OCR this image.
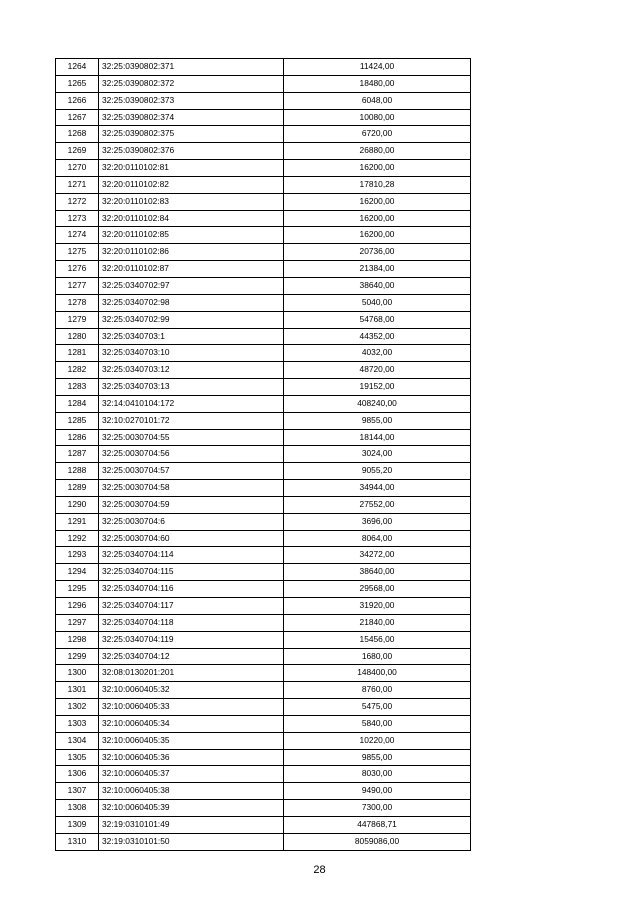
1264	32:25:0390802:371	11424,00
1265	32:25:0390802:372	18480,00
1266	32:25:0390802:373	6048,00
1267	32:25:0390802:374	10080,00
1268	32:25:0390802:375	6720,00
1269	32:25:0390802:376	26880,00
1270	32:20:0110102:81	16200,00
1271	32:20:0110102:82	17810,28
1272	32:20:0110102:83	16200,00
1273	32:20:0110102:84	16200,00
1274	32:20:0110102:85	16200,00
1275	32:20:0110102:86	20736,00
1276	32:20:0110102:87	21384,00
1277	32:25:0340702:97	38640,00
1278	32:25:0340702:98	5040,00
1279	32:25:0340702:99	54768,00
1280	32:25:0340703:1	44352,00
1281	32:25:0340703:10	4032,00
1282	32:25:0340703:12	48720,00
1283	32:25:0340703:13	19152,00
1284	32:14:0410104:172	408240,00
1285	32:10:0270101:72	9855,00
1286	32:25:0030704:55	18144,00
1287	32:25:0030704:56	3024,00
1288	32:25:0030704:57	9055,20
1289	32:25:0030704:58	34944,00
1290	32:25:0030704:59	27552,00
1291	32:25:0030704:6	3696,00
1292	32:25:0030704:60	8064,00
1293	32:25:0340704:114	34272,00
1294	32:25:0340704:115	38640,00
1295	32:25:0340704:116	29568,00
1296	32:25:0340704:117	31920,00
1297	32:25:0340704:118	21840,00
1298	32:25:0340704:119	15456,00
1299	32:25:0340704:12	1680,00
1300	32:08:0130201:201	148400,00
1301	32:10:0060405:32	8760,00
1302	32:10:0060405:33	5475,00
1303	32:10:0060405:34	5840,00
1304	32:10:0060405:35	10220,00
1305	32:10:0060405:36	9855,00
1306	32:10:0060405:37	8030,00
1307	32:10:0060405:38	9490,00
1308	32:10:0060405:39	7300,00
1309	32:19:0310101:49	447868,71
1310	32:19:0310101:50	8059086,00
28
